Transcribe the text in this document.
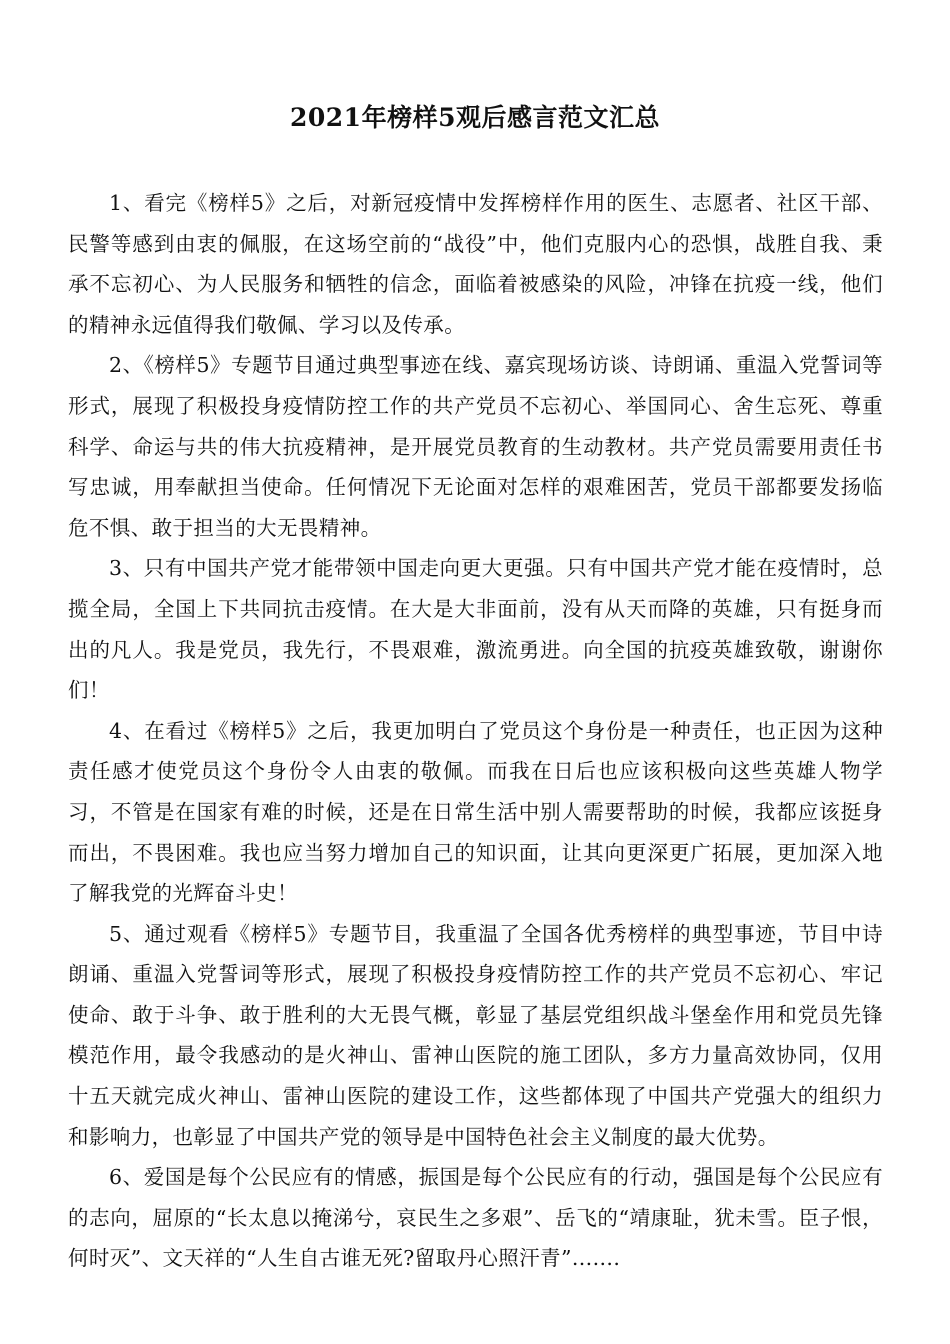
2021年榜样5观后感言范文汇总

1、看完《榜样5》之后，对新冠疫情中发挥榜样作用的医生、志愿者、社区干部、民警等感到由衷的佩服，在这场空前的“战役”中，他们克服内心的恐惧，战胜自我、秉承不忘初心、为人民服务和牺牲的信念，面临着被感染的风险，冲锋在抗疫一线，他们的精神永远值得我们敬佩、学习以及传承。

2、《榜样5》专题节目通过典型事迹在线、嘉宾现场访谈、诗朗诵、重温入党誓词等形式，展现了积极投身疫情防控工作的共产党员不忘初心、举国同心、舍生忘死、尊重科学、命运与共的伟大抗疫精神，是开展党员教育的生动教材。共产党员需要用责任书写忠诚，用奉献担当使命。任何情况下无论面对怎样的艰难困苦，党员干部都要发扬临危不惧、敢于担当的大无畏精神。

3、只有中国共产党才能带领中国走向更大更强。只有中国共产党才能在疫情时，总揽全局，全国上下共同抗击疫情。在大是大非面前，没有从天而降的英雄，只有挺身而出的凡人。我是党员，我先行，不畏艰难，激流勇进。向全国的抗疫英雄致敬，谢谢你们！

4、在看过《榜样5》之后，我更加明白了党员这个身份是一种责任，也正因为这种责任感才使党员这个身份令人由衷的敬佩。而我在日后也应该积极向这些英雄人物学习，不管是在国家有难的时候，还是在日常生活中别人需要帮助的时候，我都应该挺身而出，不畏困难。我也应当努力增加自己的知识面，让其向更深更广拓展，更加深入地了解我党的光辉奋斗史！

5、通过观看《榜样5》专题节目，我重温了全国各优秀榜样的典型事迹，节目中诗朗诵、重温入党誓词等形式，展现了积极投身疫情防控工作的共产党员不忘初心、牢记使命、敢于斗争、敢于胜利的大无畏气概，彰显了基层党组织战斗堡垒作用和党员先锋模范作用，最令我感动的是火神山、雷神山医院的施工团队，多方力量高效协同，仅用十五天就完成火神山、雷神山医院的建设工作，这些都体现了中国共产党强大的组织力和影响力，也彰显了中国共产党的领导是中国特色社会主义制度的最大优势。

6、爱国是每个公民应有的情感，振国是每个公民应有的行动，强国是每个公民应有的志向，屈原的“长太息以掩涕兮，哀民生之多艰”、岳飞的“靖康耻，犹未雪。臣子恨，何时灭”、文天祥的“人生自古谁无死?留取丹心照汗青”.......
